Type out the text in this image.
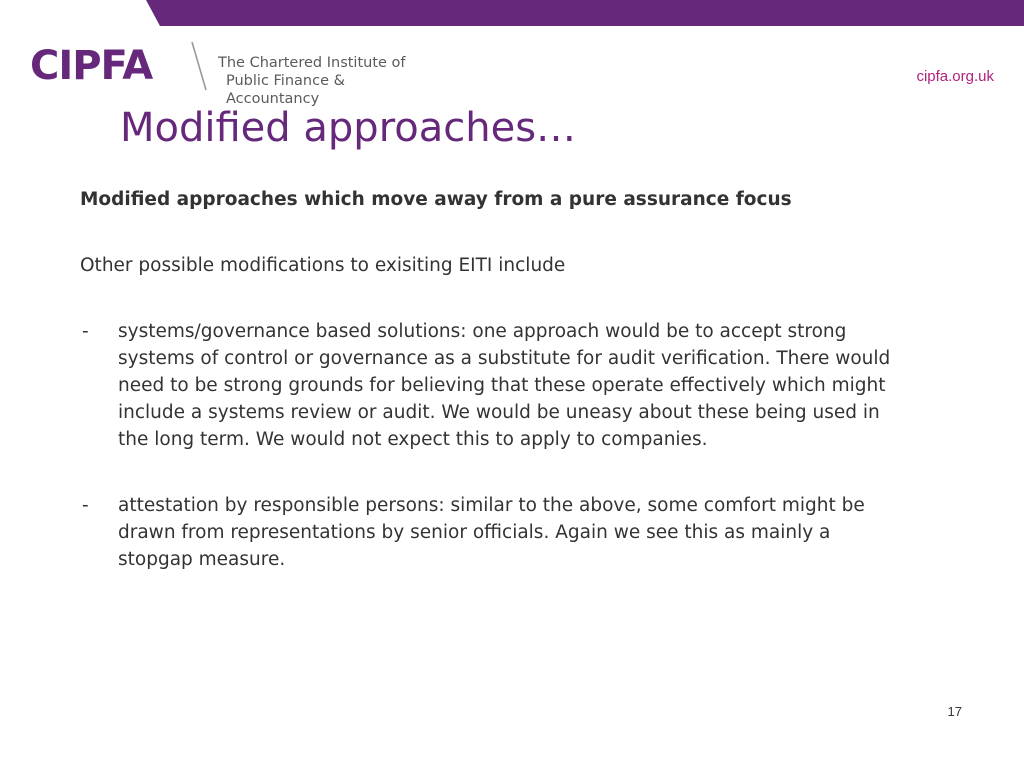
CIPFA	The Chartered Institute of
Public Finance & Accountancy
cipfa.org.uk
Modified approaches…

Modified approaches which move away from a pure assurance focus

Other possible modifications to exisiting EITI include

- systems/governance based solutions: one approach would be to accept strong systems of control or governance as a substitute for audit verification. There would need to be strong grounds for believing that these operate effectively which might include a systems review or audit. We would be uneasy about these being used in the long term. We would not expect this to apply to companies.
- attestation by responsible persons: similar to the above, some comfort might be drawn from representations by senior officials. Again we see this as mainly a stopgap measure.
17
